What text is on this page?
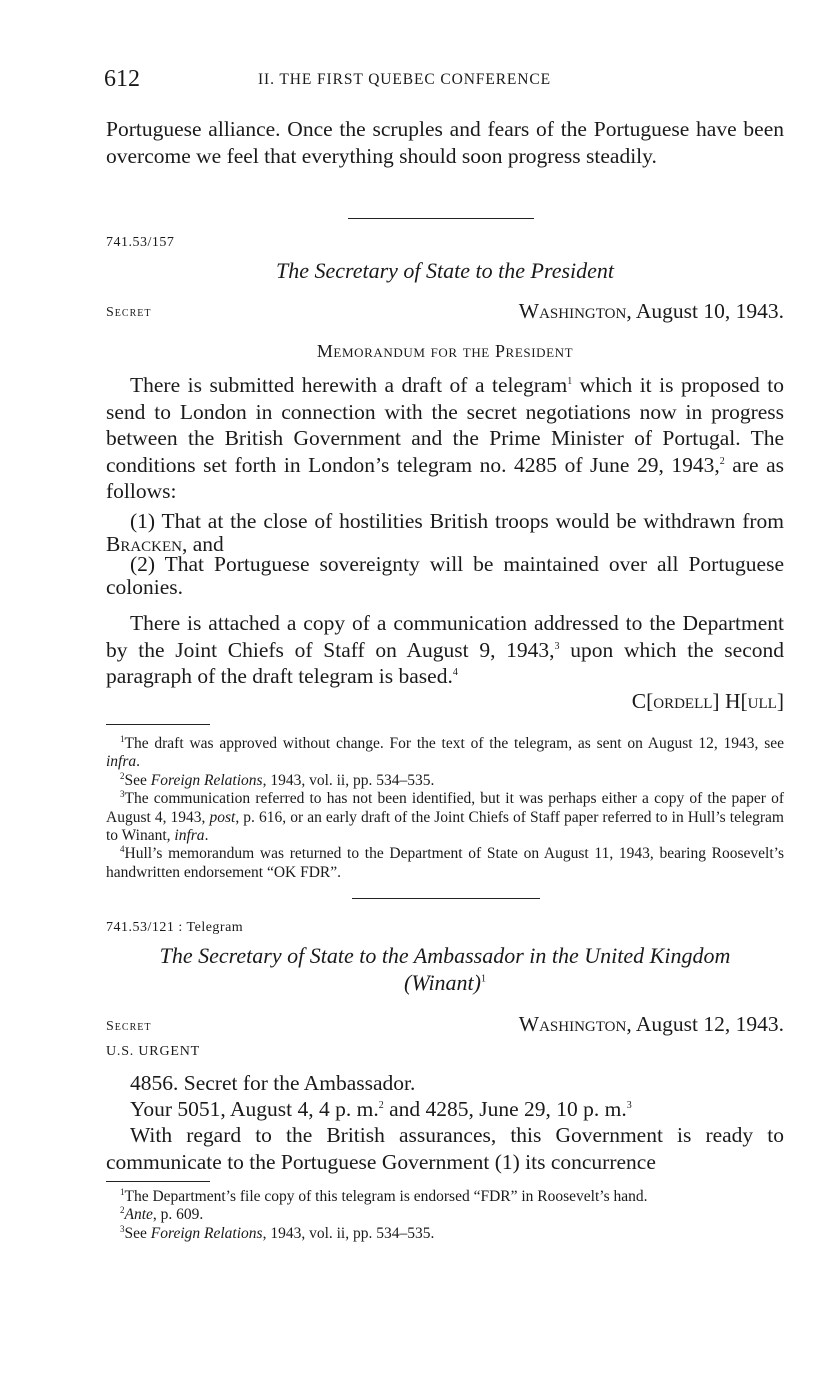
612	II. THE FIRST QUEBEC CONFERENCE
Portuguese alliance. Once the scruples and fears of the Portuguese have been overcome we feel that everything should soon progress steadily.
741.53/157
The Secretary of State to the President
Secret	Washington, August 10, 1943.
Memorandum for the President
There is submitted herewith a draft of a telegram$^1$ which it is proposed to send to London in connection with the secret negotiations now in progress between the British Government and the Prime Minister of Portugal. The conditions set forth in London’s telegram no. 4285 of June 29, 1943,$^2$ are as follows:
(1) That at the close of hostilities British troops would be withdrawn from Bracken, and
(2) That Portuguese sovereignty will be maintained over all Portuguese colonies.
There is attached a copy of a communication addressed to the Department by the Joint Chiefs of Staff on August 9, 1943,$^3$ upon which the second paragraph of the draft telegram is based.$^4$
C[ordell] H[ull]
$^1$The draft was approved without change. For the text of the telegram, as sent on August 12, 1943, see infra.
$^2$See Foreign Relations, 1943, vol. ii, pp. 534–535.
$^3$The communication referred to has not been identified, but it was perhaps either a copy of the paper of August 4, 1943, post, p. 616, or an early draft of the Joint Chiefs of Staff paper referred to in Hull’s telegram to Winant, infra.
$^4$Hull’s memorandum was returned to the Department of State on August 11, 1943, bearing Roosevelt’s handwritten endorsement “OK FDR”.
741.53/121 : Telegram
The Secretary of State to the Ambassador in the United Kingdom
(Winant)$^1$
Secret	Washington, August 12, 1943.
U.S. URGENT
4856. Secret for the Ambassador.
Your 5051, August 4, 4 p. m.$^2$ and 4285, June 29, 10 p. m.$^3$
With regard to the British assurances, this Government is ready to communicate to the Portuguese Government (1) its concurrence
$^1$The Department’s file copy of this telegram is endorsed “FDR” in Roosevelt’s hand.
$^2$Ante, p. 609.
$^3$See Foreign Relations, 1943, vol. ii, pp. 534–535.
